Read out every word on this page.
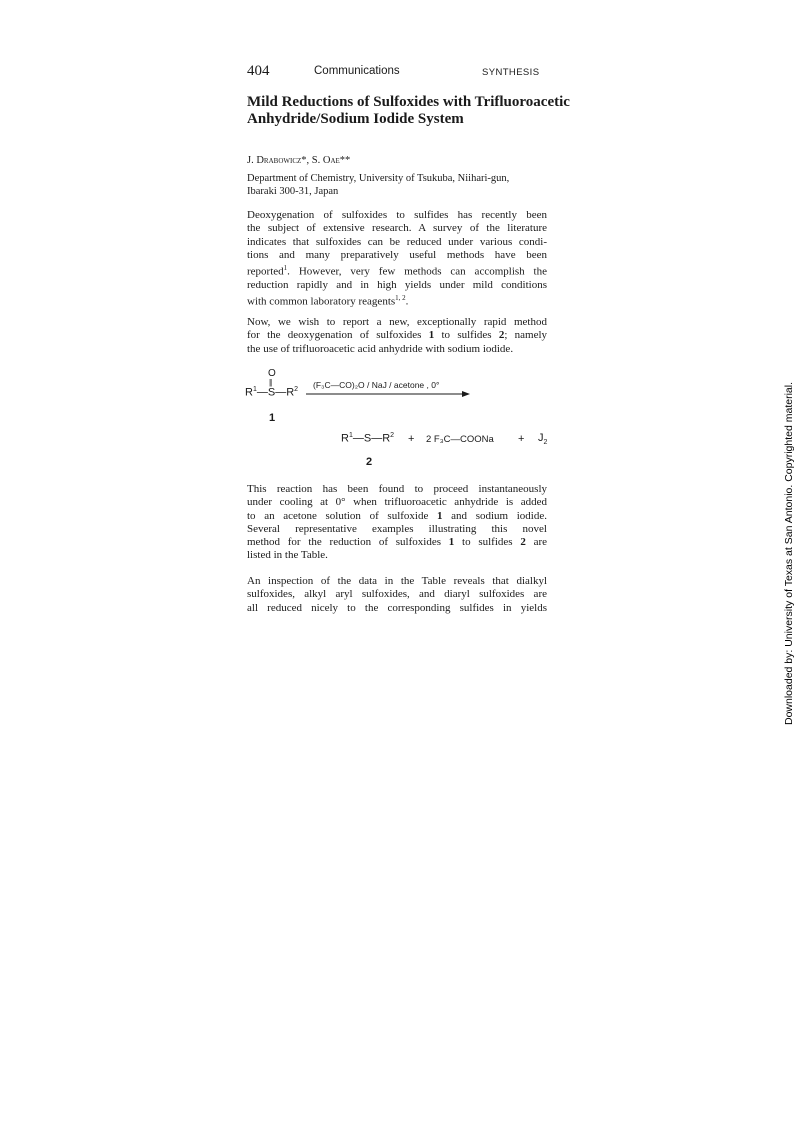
404	Communications	SYNTHESIS
Mild Reductions of Sulfoxides with Trifluoroacetic
Anhydride/Sodium Iodide System
J. Drabowicz*, S. Oae**
Department of Chemistry, University of Tsukuba, Niihari-gun,
Ibaraki 300-31, Japan
Deoxygenation of sulfoxides to sulfides has recently been
the subject of extensive research. A survey of the literature
indicates that sulfoxides can be reduced under various condi-
tions and many preparatively useful methods have been
reported$^1$. However, very few methods can accomplish the
reduction rapidly and in high yields under mild conditions
with common laboratory reagents$^{1, 2}$.
Now, we wish to report a new, exceptionally rapid method
for the deoxygenation of sulfoxides 1 to sulfides 2; namely
the use of trifluoroacetic acid anhydride with sodium iodide.
O
||
$R^1—S—R^2$ (F₃C—CO)₂O / NaJ / acetone , 0°
1
$R^1—S—R^2 + 2$ F₃C—COONa + $J_2$
2
This reaction has been found to proceed instantaneously
under cooling at 0° when trifluoroacetic anhydride is added
to an acetone solution of sulfoxide 1 and sodium iodide.
Several representative examples illustrating this novel
method for the reduction of sulfoxides 1 to sulfides 2 are
listed in the Table.
An inspection of the data in the Table reveals that dialkyl
sulfoxides, alkyl aryl sulfoxides, and diaryl sulfoxides are
all reduced nicely to the corresponding sulfides in yields	Downloaded by: University of Texas at San Antonio. Copyrighted material.
